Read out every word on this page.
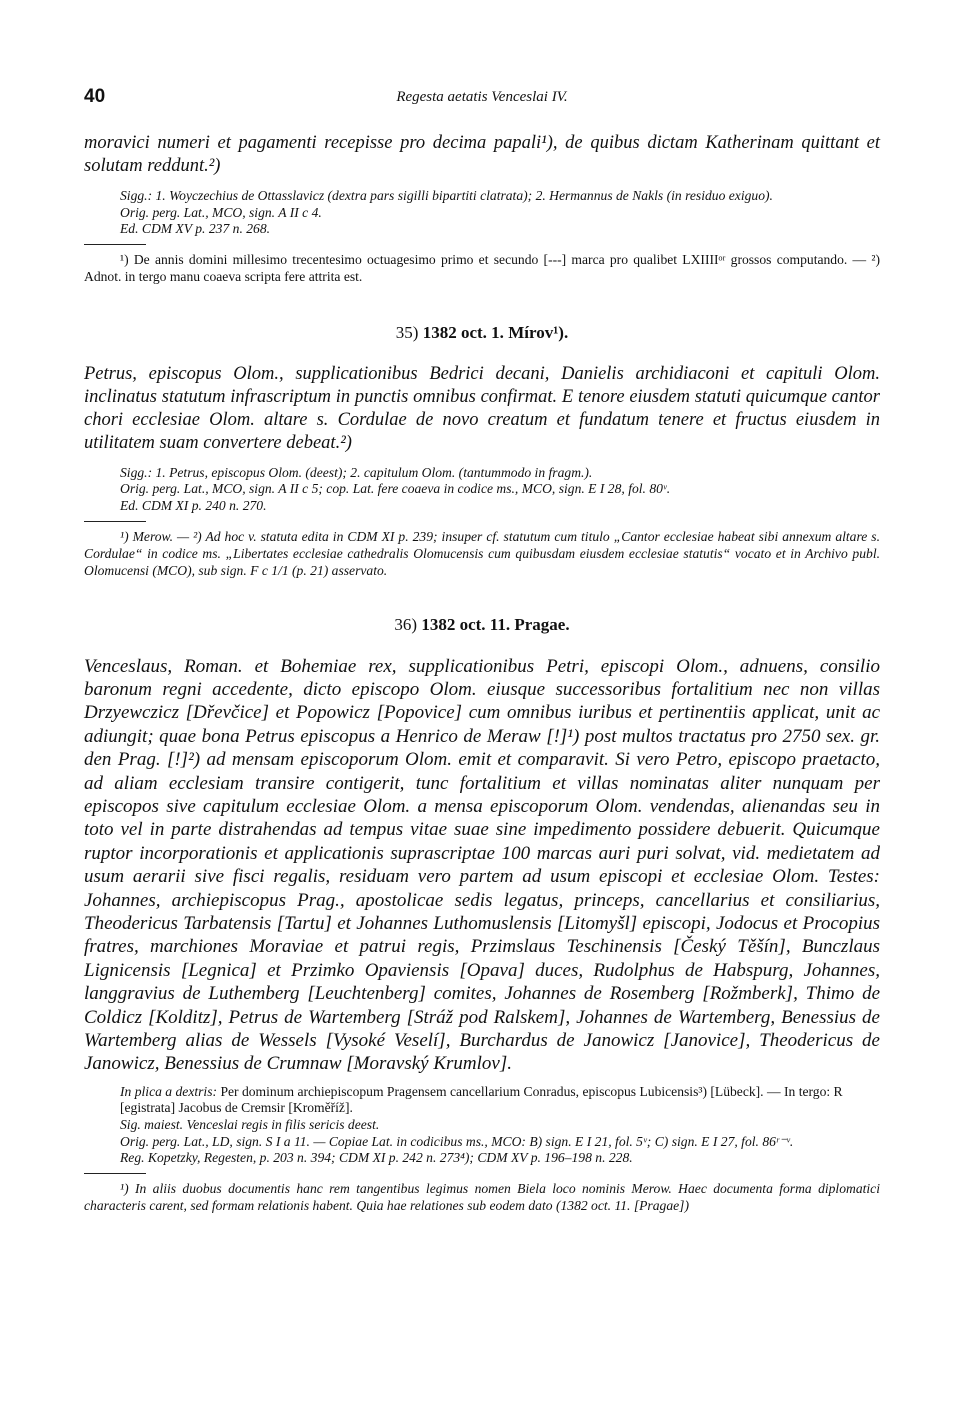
40	Regesta aetatis Venceslai IV.

moravici numeri et pagamenti recepisse pro decima papali¹), de quibus dictam Katherinam quittant et solutam reddunt.²)

Sigg.: 1. Woyczechius de Ottasslavicz (dextra pars sigilli bipartiti clatrata); 2. Hermannus de Nakls (in residuo exiguo).

Orig. perg. Lat., MCO, sign. A II c 4.

Ed. CDM XV p. 237 n. 268.

¹) De annis domini millesimo trecentesimo octuagesimo primo et secundo [---] marca pro qualibet LXIIIIᵒʳ grossos computando. — ²) Adnot. in tergo manu coaeva scripta fere attrita est.

35) 1382 oct. 1. Mírov¹).

Petrus, episcopus Olom., supplicationibus Bedrici decani, Danielis archidiaconi et capituli Olom. inclinatus statutum infrascriptum in punctis omnibus confirmat. E tenore eiusdem statuti quicumque cantor chori ecclesiae Olom. altare s. Cordulae de novo creatum et fundatum tenere et fructus eiusdem in utilitatem suam convertere debeat.²)

Sigg.: 1. Petrus, episcopus Olom. (deest); 2. capitulum Olom. (tantummodo in fragm.).

Orig. perg. Lat., MCO, sign. A II c 5; cop. Lat. fere coaeva in codice ms., MCO, sign. E I 28, fol. 80ᵛ.

Ed. CDM XI p. 240 n. 270.

¹) Merow. — ²) Ad hoc v. statuta edita in CDM XI p. 239; insuper cf. statutum cum titulo „Cantor ecclesiae habeat sibi annexum altare s. Cordulae“ in codice ms. „Libertates ecclesiae cathedralis Olomucensis cum quibusdam eiusdem ecclesiae statutis“ vocato et in Archivo publ. Olomucensi (MCO), sub sign. F c 1/1 (p. 21) asservato.

36) 1382 oct. 11. Pragae.

Venceslaus, Roman. et Bohemiae rex, supplicationibus Petri, episcopi Olom., adnuens, consilio baronum regni accedente, dicto episcopo Olom. eiusque successoribus fortalitium nec non villas Drzyewczicz [Dřevčice] et Popowicz [Popovice] cum omnibus iuribus et pertinentiis applicat, unit ac adiungit; quae bona Petrus episcopus a Henrico de Meraw [!]¹) post multos tractatus pro 2750 sex. gr. den Prag. [!]²) ad mensam episcoporum Olom. emit et comparavit. Si vero Petro, episcopo praetacto, ad aliam ecclesiam transire contigerit, tunc fortalitium et villas nominatas aliter nunquam per episcopos sive capitulum ecclesiae Olom. a mensa episcoporum Olom. vendendas, alienandas seu in toto vel in parte distrahendas ad tempus vitae suae sine impedimento possidere debuerit. Quicumque ruptor incorporationis et applicationis suprascriptae 100 marcas auri puri solvat, vid. medietatem ad usum aerarii sive fisci regalis, residuam vero partem ad usum episcopi et ecclesiae Olom. Testes: Johannes, archiepiscopus Prag., apostolicae sedis legatus, princeps, cancellarius et consiliarius, Theodericus Tarbatensis [Tartu] et Johannes Luthomuslensis [Litomyšl] episcopi, Jodocus et Procopius fratres, marchiones Moraviae et patrui regis, Przimslaus Teschinensis [Český Těšín], Bunczlaus Lignicensis [Legnica] et Przimko Opaviensis [Opava] duces, Rudolphus de Habspurg, Johannes, langgravius de Luthemberg [Leuchtenberg] comites, Johannes de Rosemberg [Rožmberk], Thimo de Coldicz [Kolditz], Petrus de Wartemberg [Stráž pod Ralskem], Johannes de Wartemberg, Benessius de Wartemberg alias de Wessels [Vysoké Veselí], Burchardus de Janowicz [Janovice], Theodericus de Janowicz, Benessius de Crumnaw [Moravský Krumlov].

In plica a dextris: Per dominum archiepiscopum Pragensem cancellarium Conradus, episcopus Lubicensis³) [Lübeck]. — In tergo: R [egistrata] Jacobus de Cremsir [Kroměříž].

Sig. maiest. Venceslai regis in filis sericis deest.

Orig. perg. Lat., LD, sign. S I a 11. — Copiae Lat. in codicibus ms., MCO: B) sign. E I 21, fol. 5ᵛ; C) sign. E I 27, fol. 86ʳ⁻ᵛ.

Reg. Kopetzky, Regesten, p. 203 n. 394; CDM XI p. 242 n. 273⁴); CDM XV p. 196–198 n. 228.

¹) In aliis duobus documentis hanc rem tangentibus legimus nomen Biela loco nominis Merow. Haec documenta forma diplomatici characteris carent, sed formam relationis habent. Quia hae relationes sub eodem dato (1382 oct. 11. [Pragae])
